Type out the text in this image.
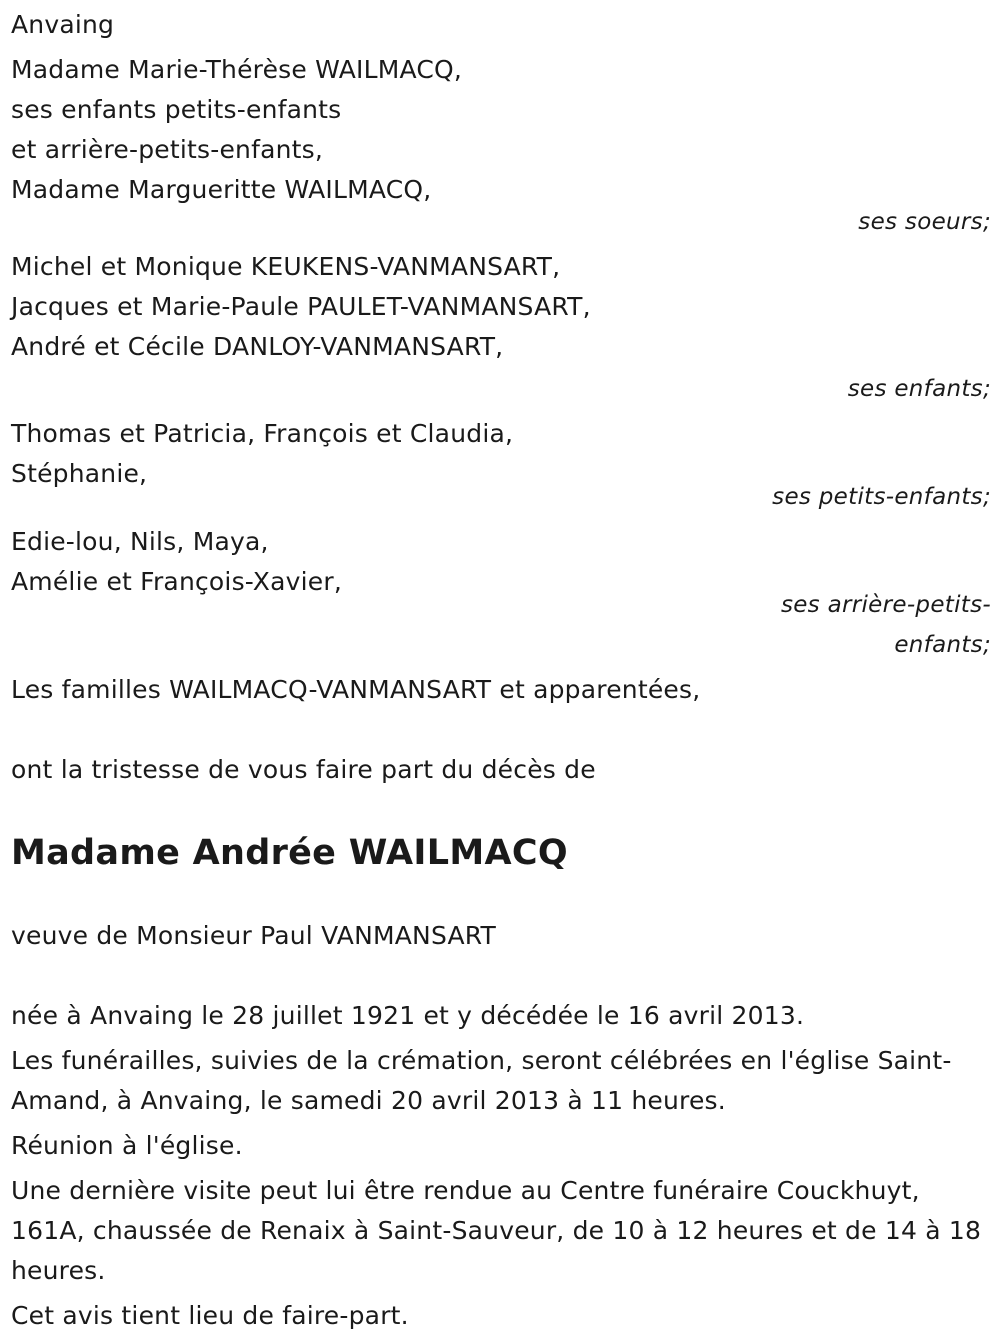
Anvaing
Madame Marie-Thérèse WAILMACQ,
ses enfants petits-enfants
et arrière-petits-enfants,
Madame Margueritte WAILMACQ,
ses soeurs;
Michel et Monique KEUKENS-VANMANSART,
Jacques et Marie-Paule PAULET-VANMANSART,
André et Cécile DANLOY-VANMANSART,
ses enfants;
Thomas et Patricia, François et Claudia,
Stéphanie,
ses petits-enfants;
Edie-lou, Nils, Maya,
Amélie et François-Xavier,
ses arrière-petits-
enfants;
Les familles WAILMACQ-VANMANSART et apparentées,
ont la tristesse de vous faire part du décès de
Madame Andrée WAILMACQ
veuve de Monsieur Paul VANMANSART
née à Anvaing le 28 juillet 1921 et y décédée le 16 avril 2013.
Les funérailles, suivies de la crémation, seront célébrées en l'église Saint-Amand, à Anvaing, le samedi 20 avril 2013 à 11 heures.
Réunion à l'église.
Une dernière visite peut lui être rendue au Centre funéraire Couckhuyt, 161A, chaussée de Renaix à Saint-Sauveur, de 10 à 12 heures et de 14 à 18 heures.
Cet avis tient lieu de faire-part.
